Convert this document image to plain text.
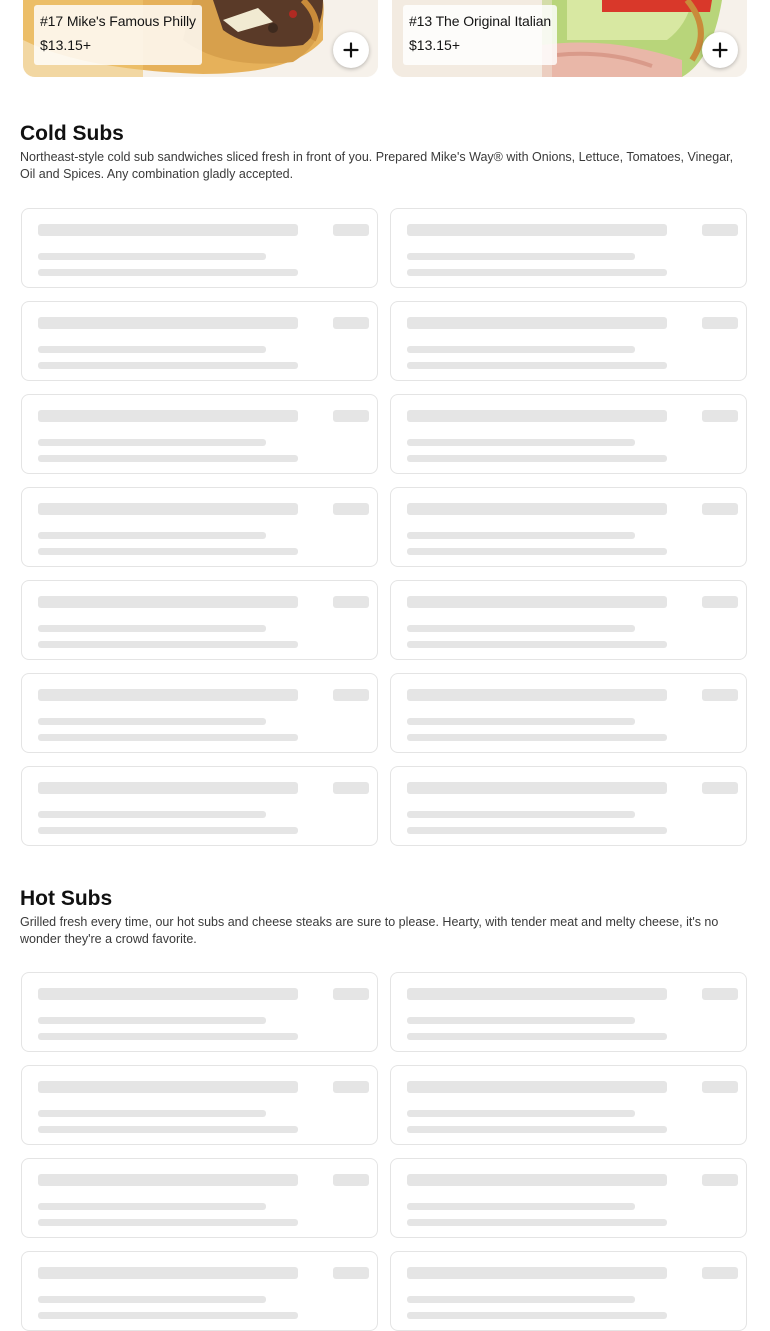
#17 Mike's Famous Philly
$13.15+
#13 The Original Italian
$13.15+
Cold Subs
Northeast-style cold sub sandwiches sliced fresh in front of you. Prepared Mike's Way® with Onions, Lettuce, Tomatoes, Vinegar, Oil and Spices. Any combination gladly accepted.
Hot Subs
Grilled fresh every time, our hot subs and cheese steaks are sure to please. Hearty, with tender meat and melty cheese, it's no wonder they're a crowd favorite.
